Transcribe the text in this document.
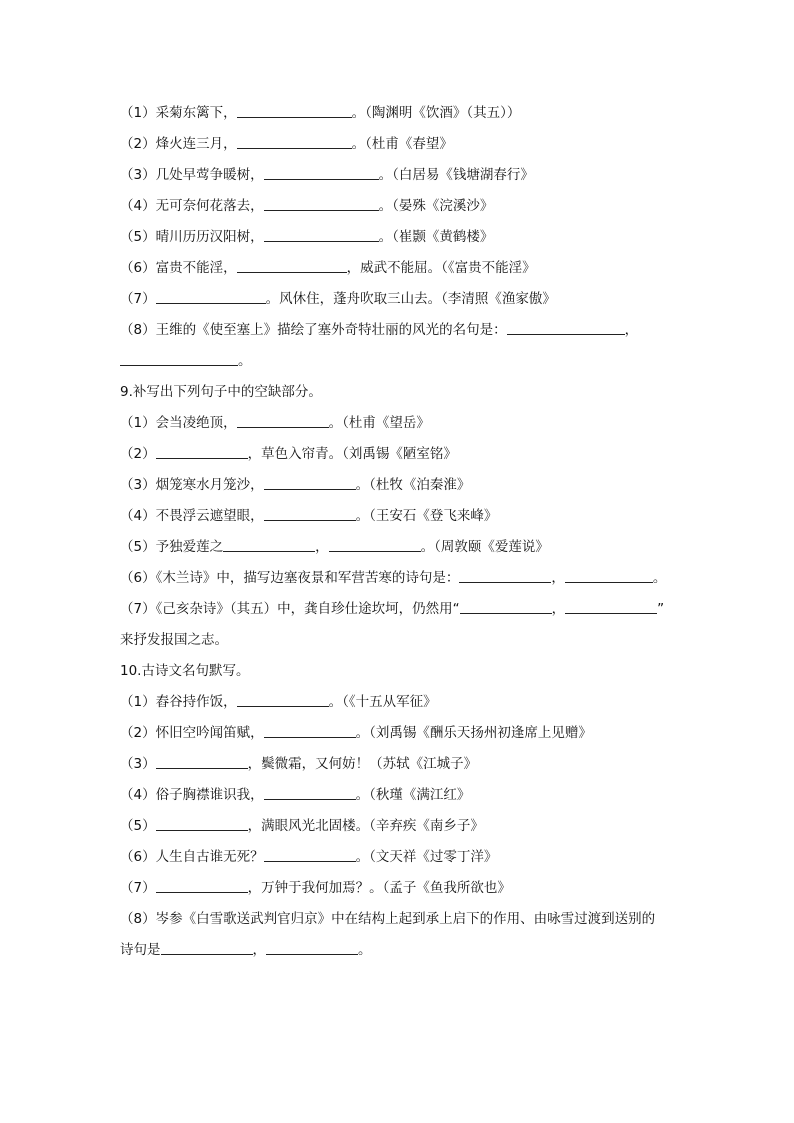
（1）采菊东篱下，	。（陶渊明《饮酒》（其五））
（2）烽火连三月，	。（杜甫《春望》
（3）几处早莺争暖树，	。（白居易《钱塘湖春行》
（4）无可奈何花落去，	。（晏殊《浣溪沙》
（5）晴川历历汉阳树，	。（崔颢《黄鹤楼》
（6）富贵不能淫，	，威武不能屈。（《富贵不能淫》
（7）	。风休住，蓬舟吹取三山去。（李清照《渔家傲》
（8）王维的《使至塞上》描绘了塞外奇特壮丽的风光的名句是：	，
。
9.补写出下列句子中的空缺部分。
（1）会当凌绝顶，	。（杜甫《望岳》
（2）	，草色入帘青。（刘禹锡《陋室铭》
（3）烟笼寒水月笼沙，	。（杜牧《泊秦淮》
（4）不畏浮云遮望眼，	。（王安石《登飞来峰》
（5）予独爱莲之	，	。（周敦颐《爱莲说》
（6）《木兰诗》中，描写边塞夜景和军营苦寒的诗句是：	，	。
（7）《己亥杂诗》（其五）中，龚自珍仕途坎坷，仍然用“	，	”
来抒发报国之志。
10.古诗文名句默写。
（1）舂谷持作饭，	。（《十五从军征》
（2）怀旧空吟闻笛赋，	。（刘禹锡《酬乐天扬州初逢席上见赠》
（3）	，鬓微霜，又何妨！（苏轼《江城子》
（4）俗子胸襟谁识我，	。（秋瑾《满江红》
（5）	，满眼风光北固楼。（辛弃疾《南乡子》
（6）人生自古谁无死？	。（文天祥《过零丁洋》
（7）	，万钟于我何加焉？。（孟子《鱼我所欲也》
（8）岑参《白雪歌送武判官归京》中在结构上起到承上启下的作用、由咏雪过渡到送别的
诗句是	，	。
